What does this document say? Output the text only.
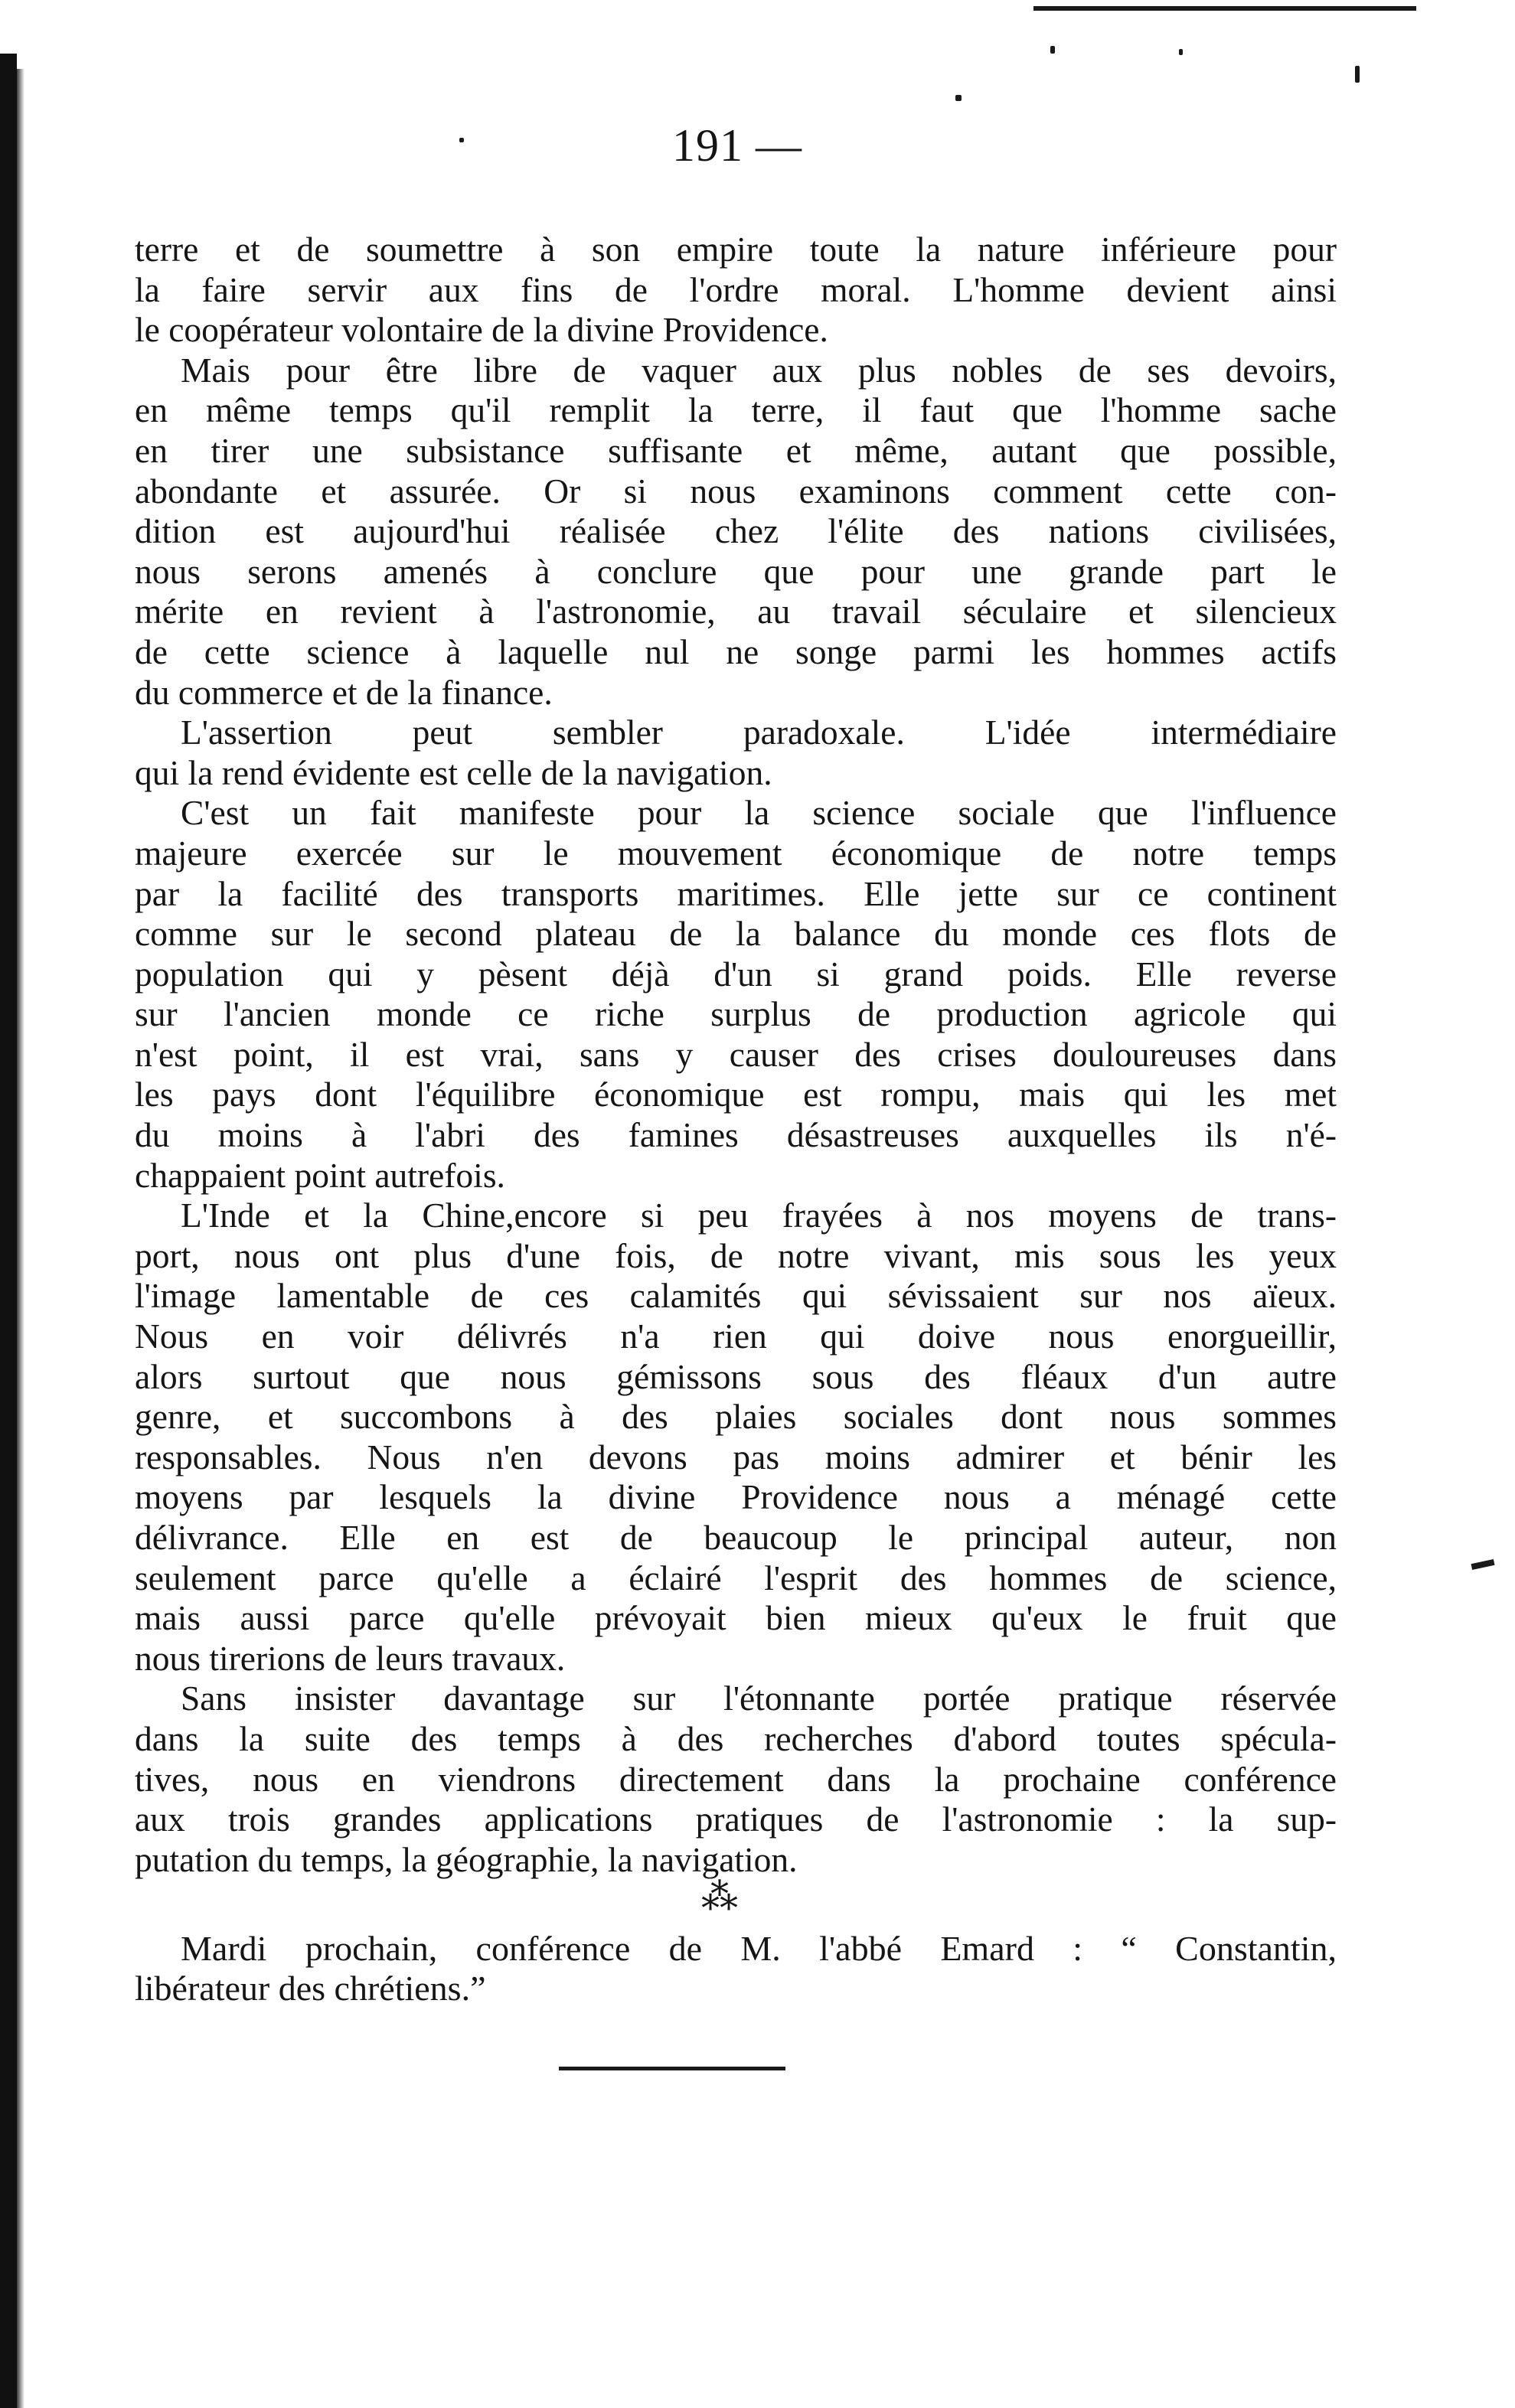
191 —
terre et de soumettre à son empire toute la nature inférieure pour
la faire servir aux fins de l'ordre moral. L'homme devient ainsi
le coopérateur volontaire de la divine Providence.
Mais pour être libre de vaquer aux plus nobles de ses devoirs,
en même temps qu'il remplit la terre, il faut que l'homme sache
en tirer une subsistance suffisante et même, autant que possible,
abondante et assurée. Or si nous examinons comment cette con-
dition est aujourd'hui réalisée chez l'élite des nations civilisées,
nous serons amenés à conclure que pour une grande part le
mérite en revient à l'astronomie, au travail séculaire et silencieux
de cette science à laquelle nul ne songe parmi les hommes actifs
du commerce et de la finance.
L'assertion peut sembler paradoxale. L'idée intermédiaire
qui la rend évidente est celle de la navigation.
C'est un fait manifeste pour la science sociale que l'influence
majeure exercée sur le mouvement économique de notre temps
par la facilité des transports maritimes. Elle jette sur ce continent
comme sur le second plateau de la balance du monde ces flots de
population qui y pèsent déjà d'un si grand poids. Elle reverse
sur l'ancien monde ce riche surplus de production agricole qui
n'est point, il est vrai, sans y causer des crises douloureuses dans
les pays dont l'équilibre économique est rompu, mais qui les met
du moins à l'abri des famines désastreuses auxquelles ils n'é-
chappaient point autrefois.
L'Inde et la Chine,encore si peu frayées à nos moyens de trans-
port, nous ont plus d'une fois, de notre vivant, mis sous les yeux
l'image lamentable de ces calamités qui sévissaient sur nos aïeux.
Nous en voir délivrés n'a rien qui doive nous enorgueillir,
alors surtout que nous gémissons sous des fléaux d'un autre
genre, et succombons à des plaies sociales dont nous sommes
responsables. Nous n'en devons pas moins admirer et bénir les
moyens par lesquels la divine Providence nous a ménagé cette
délivrance. Elle en est de beaucoup le principal auteur, non
seulement parce qu'elle a éclairé l'esprit des hommes de science,
mais aussi parce qu'elle prévoyait bien mieux qu'eux le fruit que
nous tirerions de leurs travaux.
Sans insister davantage sur l'étonnante portée pratique réservée
dans la suite des temps à des recherches d'abord toutes spécula-
tives, nous en viendrons directement dans la prochaine conférence
aux trois grandes applications pratiques de l'astronomie : la sup-
putation du temps, la géographie, la navigation.
⁂
Mardi prochain, conférence de M. l'abbé Emard : “ Constantin,
libérateur des chrétiens.”
